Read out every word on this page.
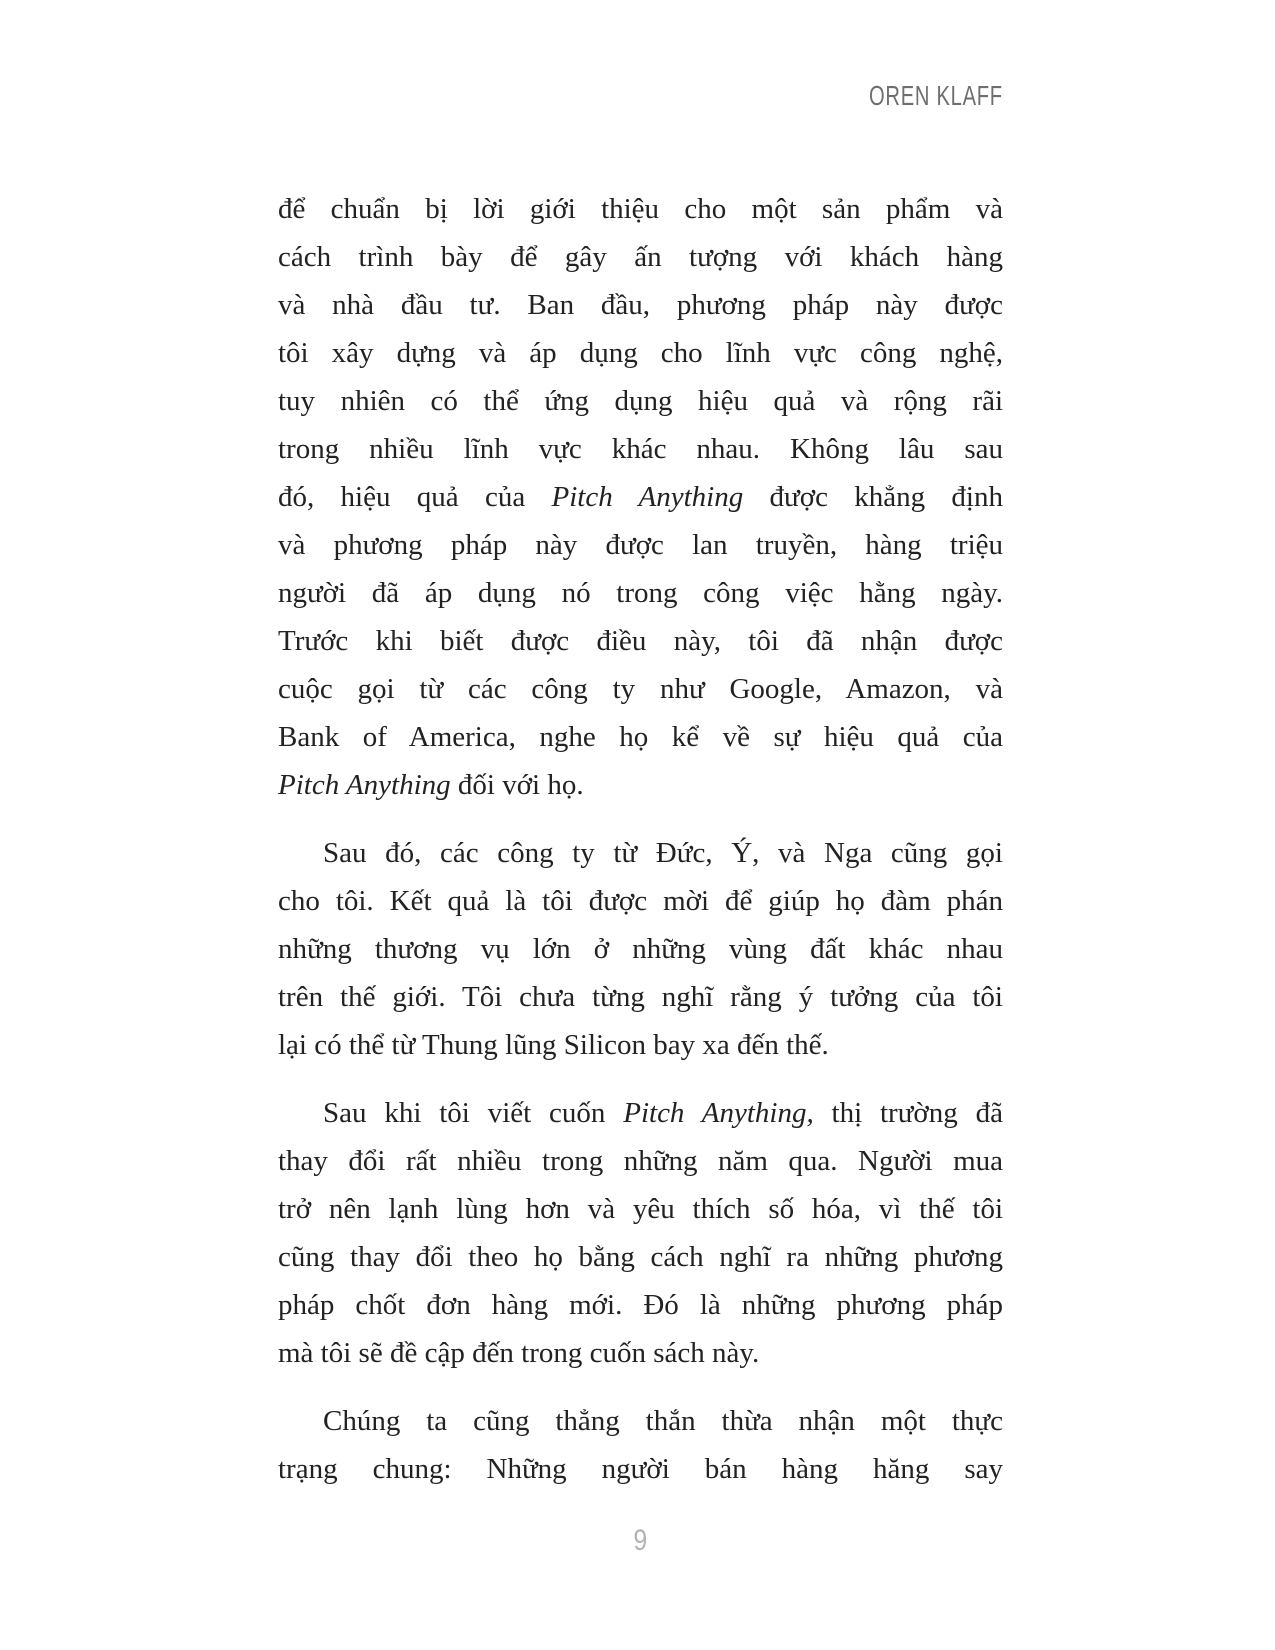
OREN KLAFF
để chuẩn bị lời giới thiệu cho một sản phẩm và
cách trình bày để gây ấn tượng với khách hàng
và nhà đầu tư. Ban đầu, phương pháp này được
tôi xây dựng và áp dụng cho lĩnh vực công nghệ,
tuy nhiên có thể ứng dụng hiệu quả và rộng rãi
trong nhiều lĩnh vực khác nhau. Không lâu sau
đó, hiệu quả của Pitch Anything được khẳng định
và phương pháp này được lan truyền, hàng triệu
người đã áp dụng nó trong công việc hằng ngày.
Trước khi biết được điều này, tôi đã nhận được
cuộc gọi từ các công ty như Google, Amazon, và
Bank of America, nghe họ kể về sự hiệu quả của
Pitch Anything đối với họ.
Sau đó, các công ty từ Đức, Ý, và Nga cũng gọi
cho tôi. Kết quả là tôi được mời để giúp họ đàm phán
những thương vụ lớn ở những vùng đất khác nhau
trên thế giới. Tôi chưa từng nghĩ rằng ý tưởng của tôi
lại có thể từ Thung lũng Silicon bay xa đến thế.
Sau khi tôi viết cuốn Pitch Anything, thị trường đã
thay đổi rất nhiều trong những năm qua. Người mua
trở nên lạnh lùng hơn và yêu thích số hóa, vì thế tôi
cũng thay đổi theo họ bằng cách nghĩ ra những phương
pháp chốt đơn hàng mới. Đó là những phương pháp
mà tôi sẽ đề cập đến trong cuốn sách này.
Chúng ta cũng thẳng thắn thừa nhận một thực
trạng chung: Những người bán hàng hăng say
9
